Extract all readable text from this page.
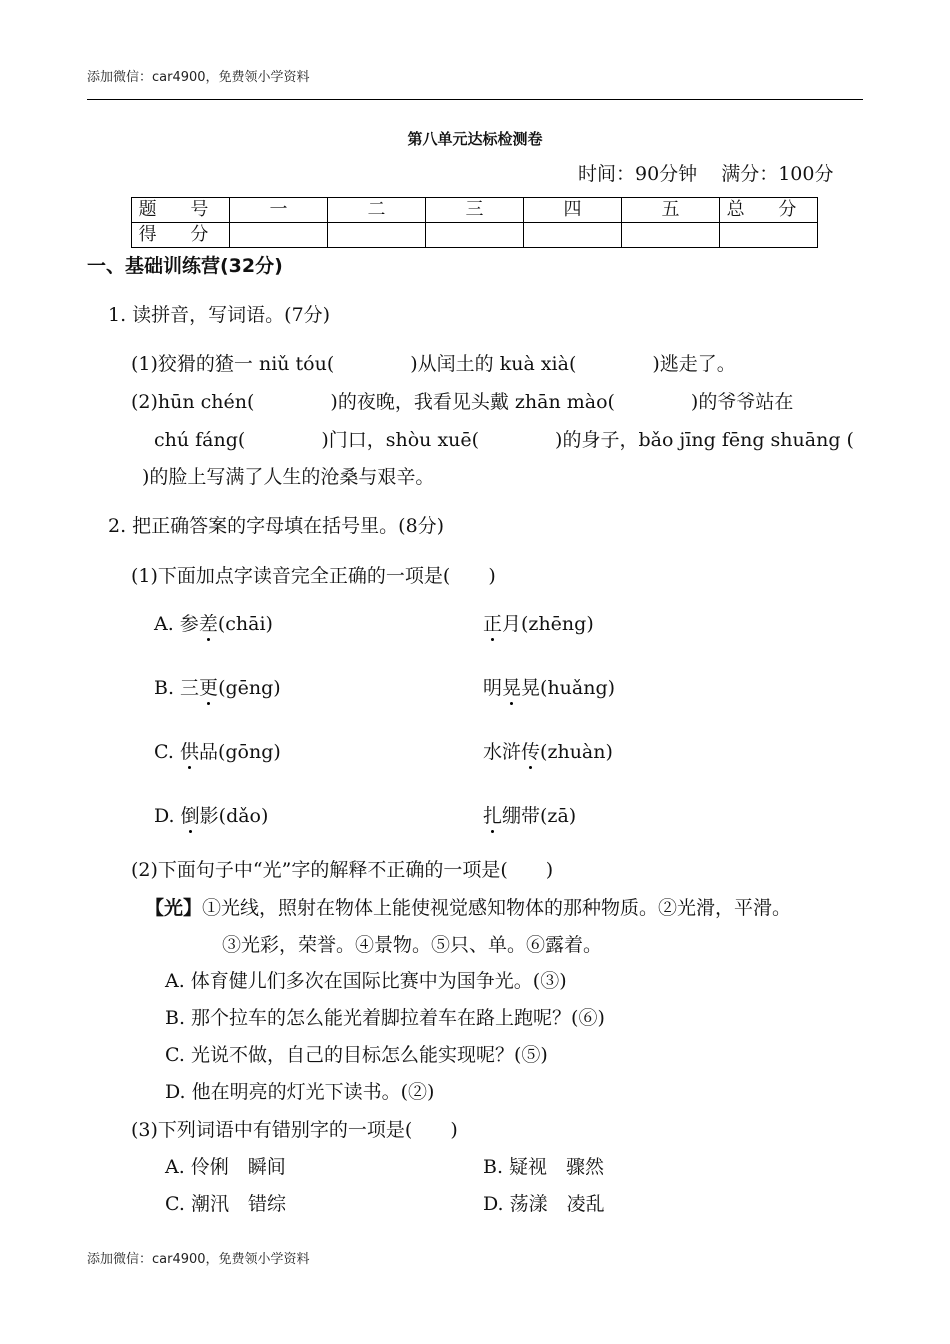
添加微信：car4900，免费领小学资料
第八单元达标检测卷
时间：90分钟 满分：100分
题 号	一	二	三	四	五	总 分
得 分						
一、基础训练营(32分)
1. 读拼音，写词语。(7分)
(1)狡猾的猹一 niǔ tóu(　　　　)从闰土的 kuà xià(　　　　)逃走了。
(2)hūn chén(　　　　)的夜晚，我看见头戴 zhān mào(　　　　)的爷爷站在
chú fáng(　　　　)门口，shòu xuē(　　　　)的身子，bǎo jīng fēng shuāng (
)的脸上写满了人生的沧桑与艰辛。
2. 把正确答案的字母填在括号里。(8分)
(1)下面加点字读音完全正确的一项是(　　)
A. 参差(chāi)	正月(zhēng)
B. 三更(gēng)	明晃晃(huǎng)
C. 供品(gōng)	水浒传(zhuàn)
D. 倒影(dǎo)	扎绷带(zā)
(2)下面句子中“光”字的解释不正确的一项是(　　)
【光】①光线，照射在物体上能使视觉感知物体的那种物质。②光滑，平滑。
③光彩，荣誉。④景物。⑤只、单。⑥露着。
A. 体育健儿们多次在国际比赛中为国争光。(③)
B. 那个拉车的怎么能光着脚拉着车在路上跑呢？(⑥)
C. 光说不做，自己的目标怎么能实现呢？(⑤)
D. 他在明亮的灯光下读书。(②)
(3)下列词语中有错别字的一项是(　　)
A. 伶俐　瞬间	B. 疑视　骤然
C. 潮汛　错综	D. 荡漾　凌乱
添加微信：car4900，免费领小学资料
